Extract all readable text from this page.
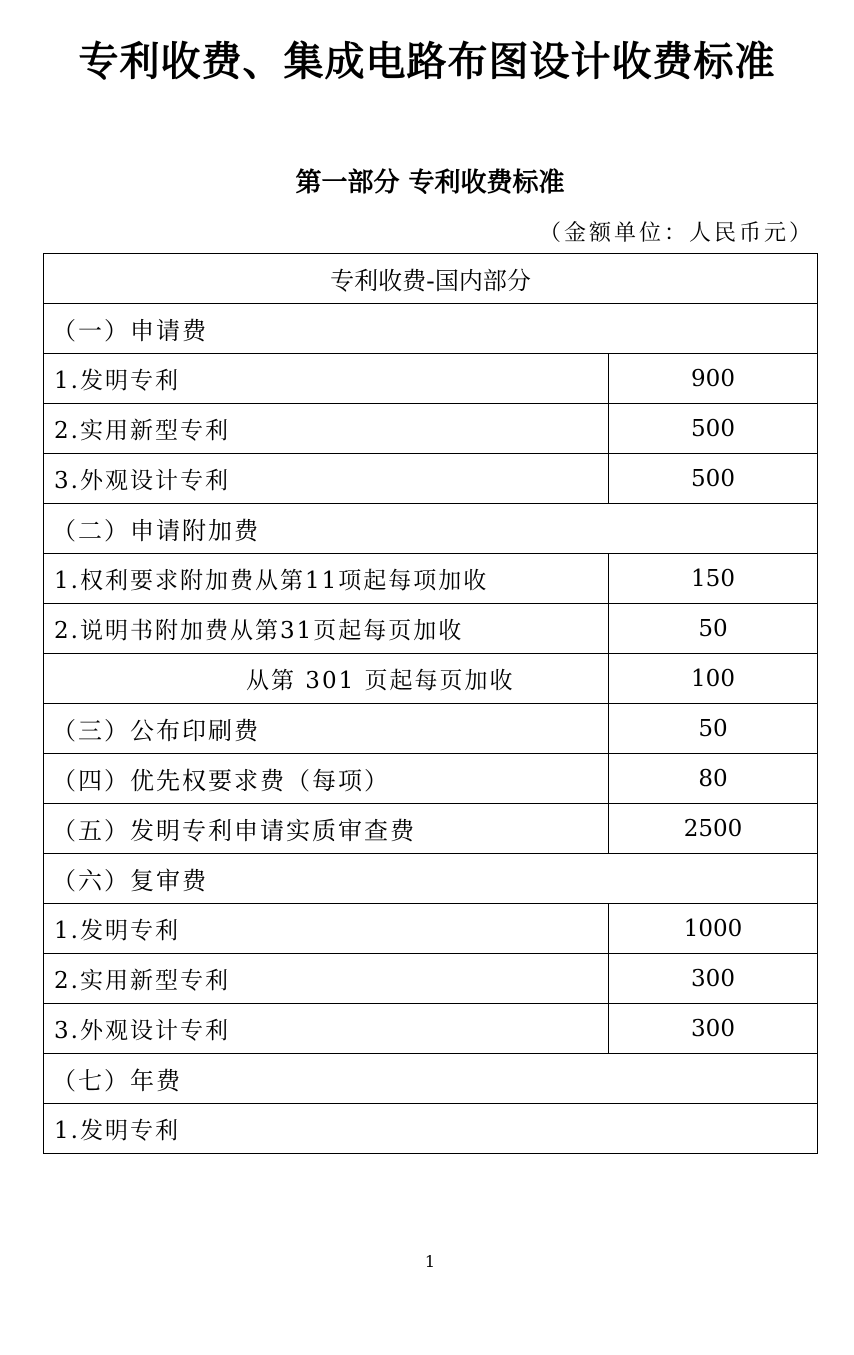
专利收费、集成电路布图设计收费标准
第一部分 专利收费标准
（金额单位：人民币元）
专利收费-国内部分	
（一）申请费	
1.发明专利	900
2.实用新型专利	500
3.外观设计专利	500
（二）申请附加费	
1.权利要求附加费从第11项起每项加收	150
2.说明书附加费从第31页起每页加收	50
从第 301 页起每页加收	100
（三）公布印刷费	50
（四）优先权要求费（每项）	80
（五）发明专利申请实质审查费	2500
（六）复审费	
1.发明专利	1000
2.实用新型专利	300
3.外观设计专利	300
（七）年费	
1.发明专利	
1
